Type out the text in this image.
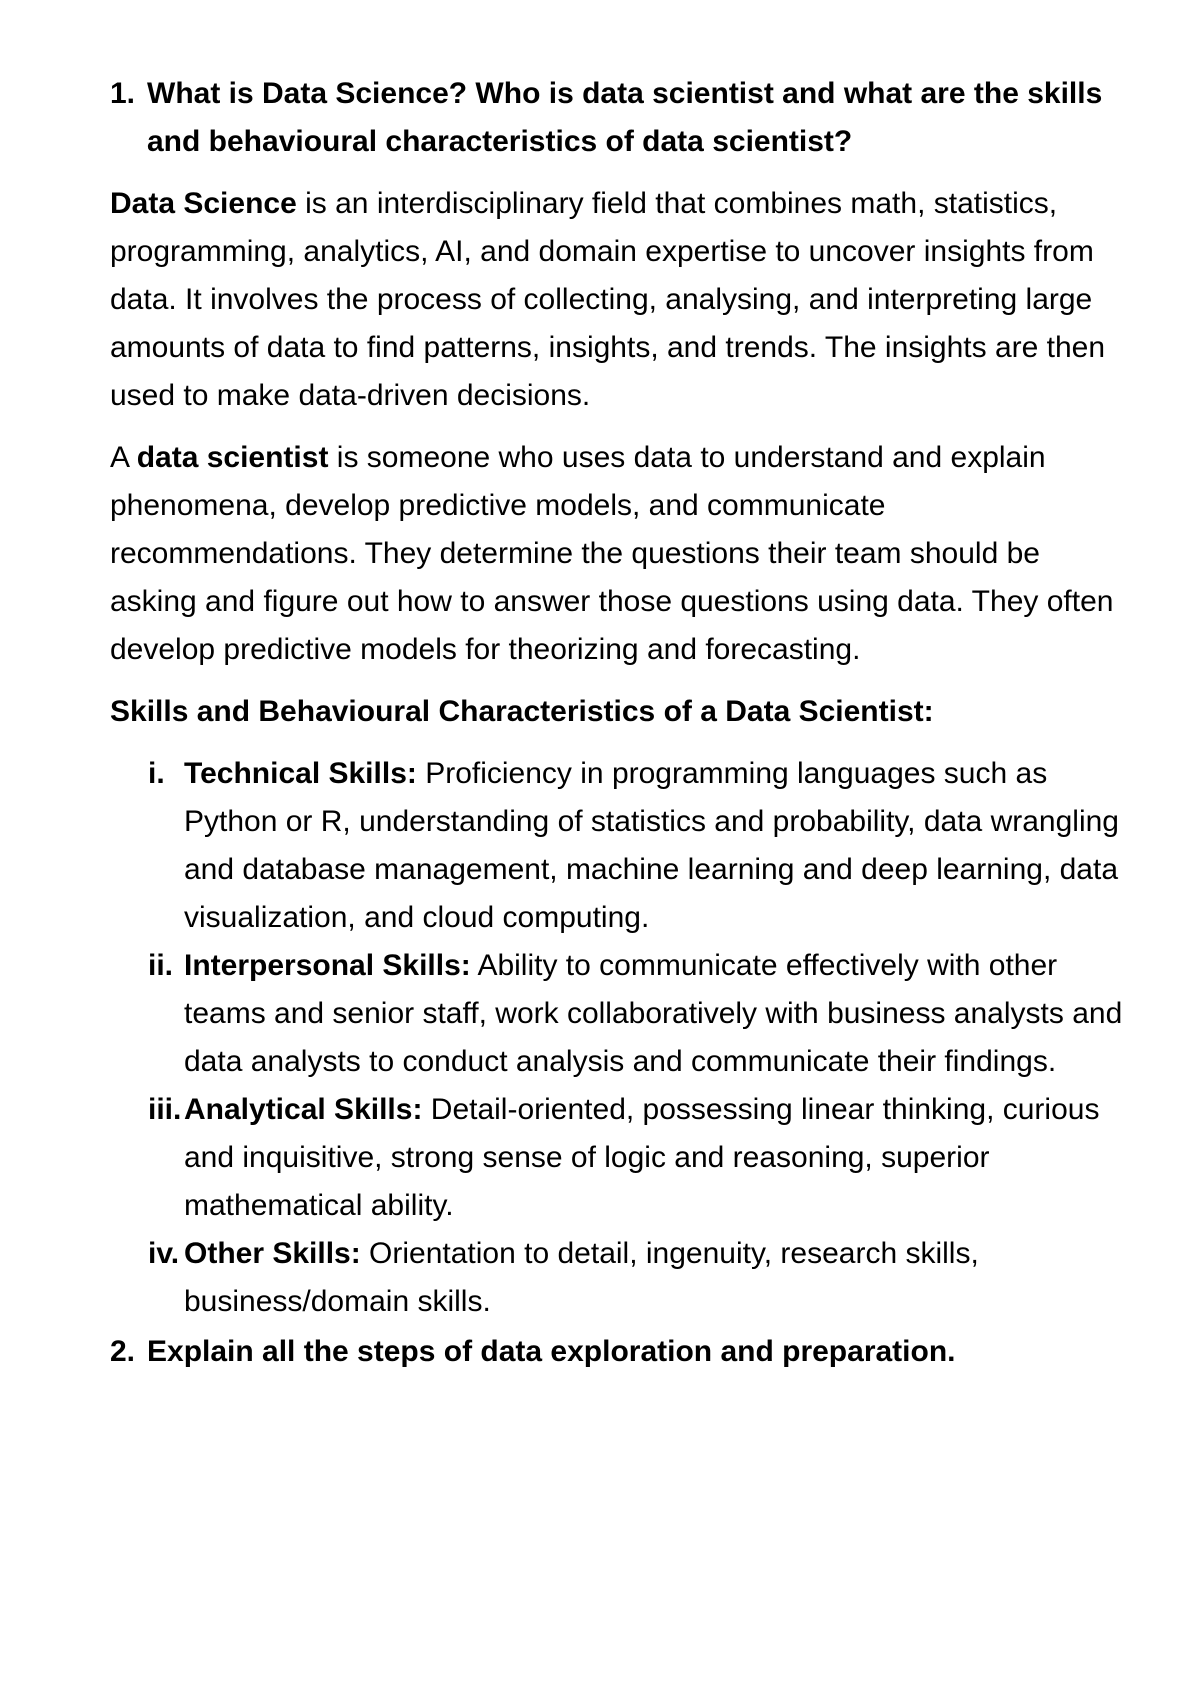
1. What is Data Science? Who is data scientist and what are the skills and behavioural characteristics of data scientist?

Data Science is an interdisciplinary field that combines math, statistics, programming, analytics, AI, and domain expertise to uncover insights from data. It involves the process of collecting, analysing, and interpreting large amounts of data to find patterns, insights, and trends. The insights are then used to make data-driven decisions.

A data scientist is someone who uses data to understand and explain phenomena, develop predictive models, and communicate recommendations. They determine the questions their team should be asking and figure out how to answer those questions using data. They often develop predictive models for theorizing and forecasting.

Skills and Behavioural Characteristics of a Data Scientist:
i. Technical Skills: Proficiency in programming languages such as Python or R, understanding of statistics and probability, data wrangling and database management, machine learning and deep learning, data visualization, and cloud computing.
ii. Interpersonal Skills: Ability to communicate effectively with other teams and senior staff, work collaboratively with business analysts and data analysts to conduct analysis and communicate their findings.
iii. Analytical Skills: Detail-oriented, possessing linear thinking, curious and inquisitive, strong sense of logic and reasoning, superior mathematical ability.
iv. Other Skills: Orientation to detail, ingenuity, research skills, business/domain skills.
2. Explain all the steps of data exploration and preparation.
